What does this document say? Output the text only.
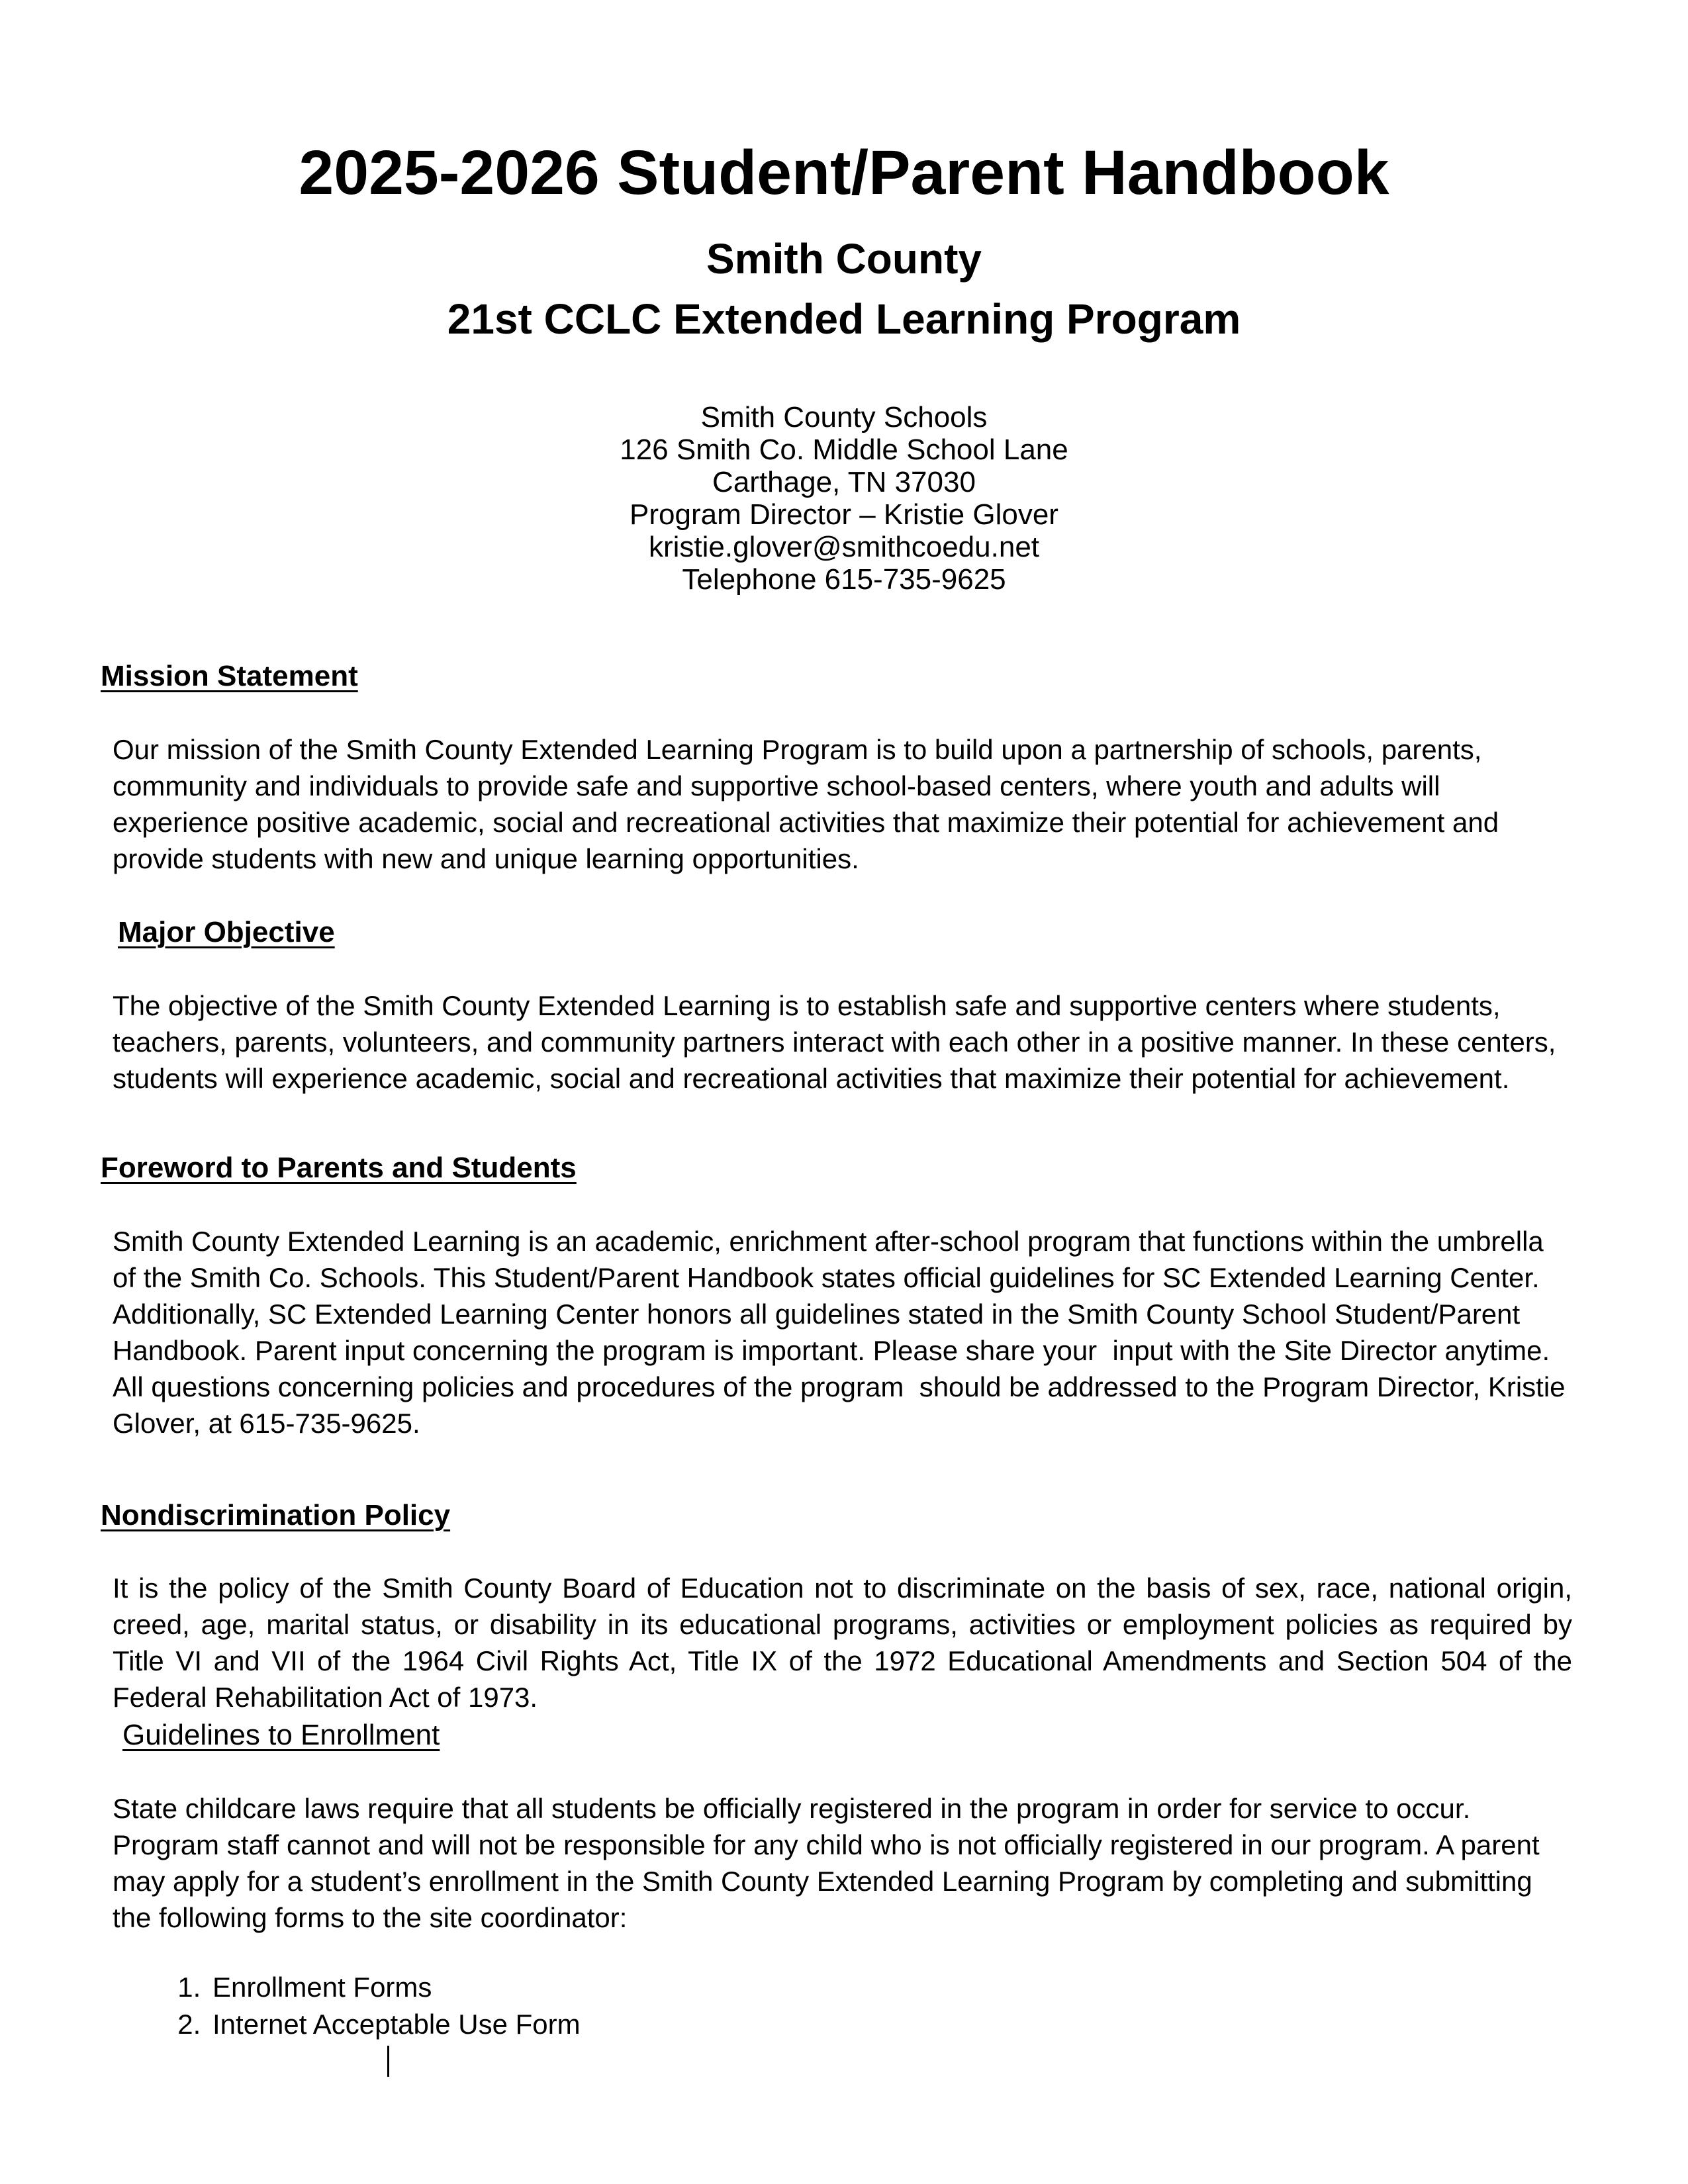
2025-2026 Student/Parent Handbook
Smith County
21st CCLC Extended Learning Program
Smith County Schools
126 Smith Co. Middle School Lane
Carthage, TN 37030
Program Director – Kristie Glover
kristie.glover@smithcoedu.net
Telephone 615-735-9625
Mission Statement

Our mission of the Smith County Extended Learning Program is to build upon a partnership of schools, parents, community and individuals to provide safe and supportive school-based centers, where youth and adults will experience positive academic, social and recreational activities that maximize their potential for achievement and provide students with new and unique learning opportunities.

Major Objective

The objective of the Smith County Extended Learning is to establish safe and supportive centers where students, teachers, parents, volunteers, and community partners interact with each other in a positive manner. In these centers, students will experience academic, social and recreational activities that maximize their potential for achievement.

Foreword to Parents and Students

Smith County Extended Learning is an academic, enrichment after-school program that functions within the umbrella of the Smith Co. Schools. This Student/Parent Handbook states official guidelines for SC Extended Learning Center. Additionally, SC Extended Learning Center honors all guidelines stated in the Smith County School Student/Parent Handbook. Parent input concerning the program is important. Please share your  input with the Site Director anytime. All questions concerning policies and procedures of the program  should be addressed to the Program Director, Kristie Glover, at 615-735-9625.

Nondiscrimination Policy

It is the policy of the Smith County Board of Education not to discriminate on the basis of sex, race, national origin, creed, age, marital status, or disability in its educational programs, activities or employment policies as required by Title VI and VII of the 1964 Civil Rights Act, Title IX of the 1972 Educational Amendments and Section 504 of the Federal Rehabilitation Act of 1973.

Guidelines to Enrollment

State childcare laws require that all students be officially registered in the program in order for service to occur. Program staff cannot and will not be responsible for any child who is not officially registered in our program. A parent may apply for a student’s enrollment in the Smith County Extended Learning Program by completing and submitting the following forms to the site coordinator:

1. Enrollment Forms
2. Internet Acceptable Use Form
